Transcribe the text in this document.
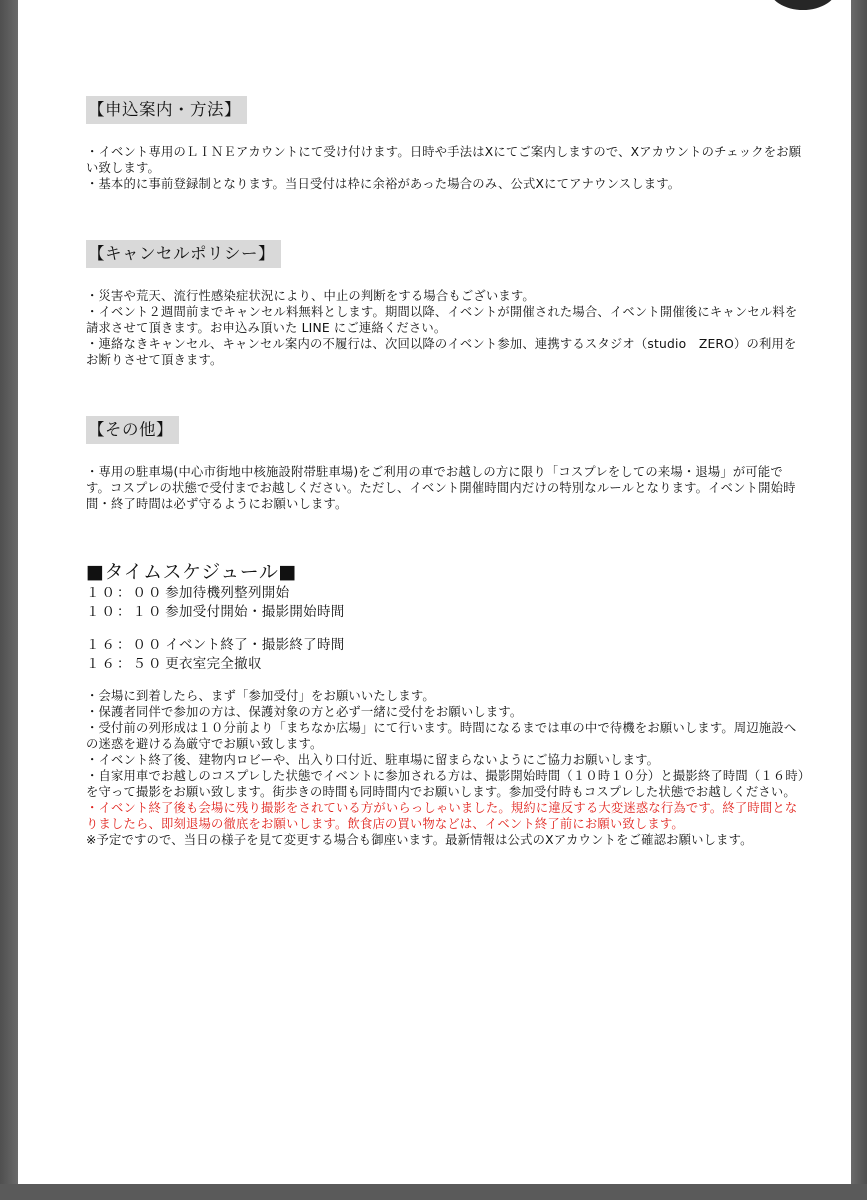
【申込案内・方法】

・イベント専用のＬＩＮＥアカウントにて受け付けます。日時や手法はXにてご案内しますので、Xアカウントのチェックをお願い致します。

・基本的に事前登録制となります。当日受付は枠に余裕があった場合のみ、公式Xにてアナウンスします。

【キャンセルポリシー】

・災害や荒天、流行性感染症状況により、中止の判断をする場合もございます。

・イベント２週間前までキャンセル料無料とします。期間以降、イベントが開催された場合、イベント開催後にキャンセル料を請求させて頂きます。お申込み頂いた LINE にご連絡ください。

・連絡なきキャンセル、キャンセル案内の不履行は、次回以降のイベント参加、連携するスタジオ（studio　ZERO）の利用をお断りさせて頂きます。

【その他】

・専用の駐車場(中心市街地中核施設附帯駐車場)をご利用の車でお越しの方に限り「コスプレをしての来場・退場」が可能です。コスプレの状態で受付までお越しください。ただし、イベント開催時間内だけの特別なルールとなります。イベント開始時間・終了時間は必ず守るようにお願いします。

■タイムスケジュール■
１０：００ 参加待機列整列開始
１０：１０ 参加受付開始・撮影開始時間
１６：００ イベント終了・撮影終了時間
１６：５０ 更衣室完全撤収

・会場に到着したら、まず「参加受付」をお願いいたします。

・保護者同伴で参加の方は、保護対象の方と必ず一緒に受付をお願いします。

・受付前の列形成は１０分前より「まちなか広場」にて行います。時間になるまでは車の中で待機をお願いします。周辺施設への迷惑を避ける為厳守でお願い致します。

・イベント終了後、建物内ロビーや、出入り口付近、駐車場に留まらないようにご協力お願いします。

・自家用車でお越しのコスプレした状態でイベントに参加される方は、撮影開始時間（１０時１０分）と撮影終了時間（１６時）を守って撮影をお願い致します。街歩きの時間も同時間内でお願いします。参加受付時もコスプレした状態でお越しください。

・イベント終了後も会場に残り撮影をされている方がいらっしゃいました。規約に違反する大変迷惑な行為です。終了時間となりましたら、即刻退場の徹底をお願いします。飲食店の買い物などは、イベント終了前にお願い致します。

※予定ですので、当日の様子を見て変更する場合も御座います。最新情報は公式のXアカウントをご確認お願いします。
